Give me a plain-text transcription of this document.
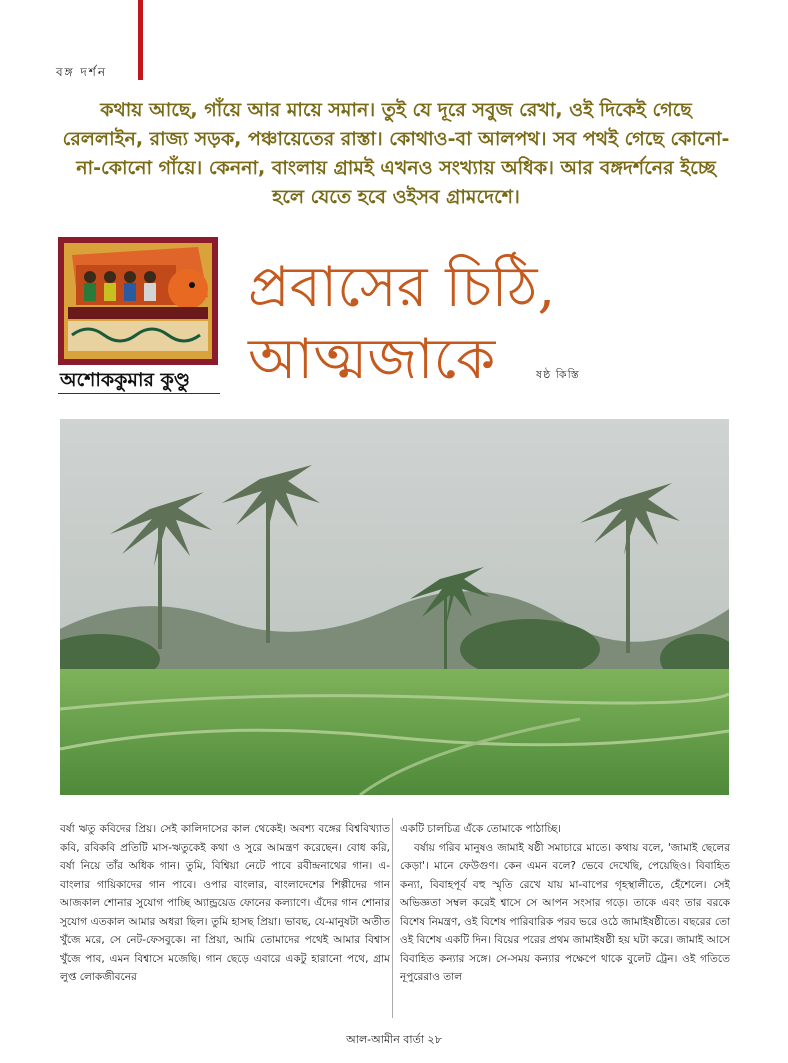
বঙ্গ দর্শন
কথায় আছে, গাঁয়ে আর মায়ে সমান। তুই যে দূরে সবুজ রেখা, ওই দিকেই গেছে রেললাইন, রাজ্য সড়ক, পঞ্চায়েতের রাস্তা। কোথাও-বা আলপথ। সব পথই গেছে কোনো-না-কোনো গাঁয়ে। কেননা, বাংলায় গ্রামই এখনও সংখ্যায় অধিক। আর বঙ্গদর্শনের ইচ্ছে হলে যেতে হবে ওইসব গ্রামদেশে।
অশোককুমার কুণ্ডু
প্রবাসের চিঠি,
আত্মজাকে	ষষ্ঠ কিস্তি

বর্ষা ঋতু কবিদের প্রিয়। সেই কালিদাসের কাল থেকেই। অবশ্য বঙ্গের বিশ্ববিখ্যাত কবি, রবিকবি প্রতিটি মাস-ঋতুকেই কথা ও সুরে আমন্ত্রণ করেছেন। বোধ করি, বর্ষা নিয়ে তাঁর অধিক গান। তুমি, বিশ্বিয়া নেটে পাবে রবীন্দ্রনাথের গান। এ-বাংলার গায়িকাদের গান পাবে। ওপার বাংলার, বাংলাদেশের শিল্পীদের গান আজকাল শোনার সুযোগ পাচ্ছি অ্যান্ড্রয়েড ফোনের কল্যাণে। এঁদের গান শোনার সুযোগ এতকাল আমার অধরা ছিল। তুমি হাসছ প্রিয়া। ভাবছ, যে-মানুষটা অতীত খুঁজে মরে, সে নেট-ফেসবুকে। না প্রিয়া, আমি তোমাদের পথেই আমার বিশ্বাস খুঁজে পাব, এমন বিশ্বাসে মজেছি। গান ছেড়ে এবারে একটু হারানো পথে, গ্রাম লুপ্ত লোকজীবনের

একটি চালচিত্র এঁকে তোমাকে পাঠাচ্ছি।

বর্ষায় গরিব মানুষও জামাই ষষ্ঠী সমাচারে মাতে। কথায় বলে, 'জামাই ছেলের কেড়া'। মানে ফেউগুণ। কেন এমন বলে? ভেবে দেখেছি, পেয়েছিও। বিবাহিত কন্যা, বিবাহপূর্ব বহু স্মৃতি রেখে যায় মা-বাপের গৃহস্থালীতে, হেঁশেলে। সেই অভিজ্ঞতা সম্বল করেই শ্বাসে সে আপন সংসার গড়ে। তাকে এবং তার বরকে বিশেষ নিমন্ত্রণ, ওই বিশেষ পারিবারিক পরব ভরে ওঠে জামাইষষ্ঠীতে। বছরের তো ওই বিশেষ একটি দিন। বিয়ের পরের প্রথম জামাইষষ্ঠী হয় ঘটা করে। জামাই আসে বিবাহিত কন্যার সঙ্গে। সে-সময় কন্যার পক্ষেপে থাকে বুলেট ট্রেন। ওই গতিতে নূপুরেরাও তাল

আল-আমীন বার্তা ২৮
